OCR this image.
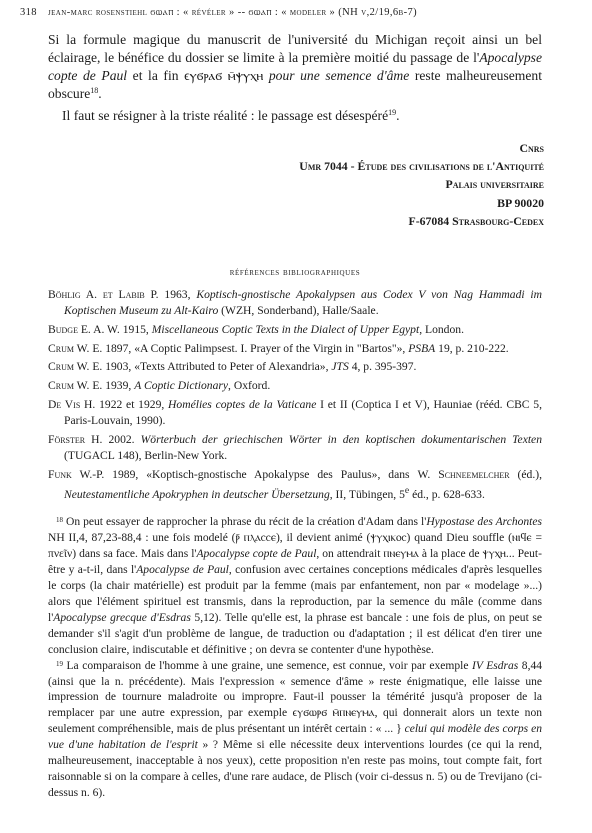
318 jean-marc rosenstiehl ϭⲱⲁⲡ : « révéler » -- ϭⲱⲁⲡ : « modeler » (NH v,2/19,6b-7)

Si la formule magique du manuscrit de l'université du Michigan reçoit ainsi un bel éclairage, le bénéfice du dossier se limite à la première moitié du passage de l'Apocalypse copte de Paul et la fin ϵⲩϭⲣⲁϭ ⲙ̄ⲯⲩⲭⲏ pour une semence d'âme reste malheureusement obscure$^{18}$.

Il faut se résigner à la triste réalité : le passage est désespéré$^{19}$.

Cnrs
Umr 7044 - Étude des civilisations de l'Antiquité
Palais universitaire
BP 90020
F-67084 Strasbourg-Cedex
références bibliographiques
Böhlig A. et Labib P. 1963, Koptisch-gnostische Apokalypsen aus Codex V von Nag Hammadi im Koptischen Museum zu Alt-Kairo (WZH, Sonderband), Halle/Saale.
Budge E. A. W. 1915, Miscellaneous Coptic Texts in the Dialect of Upper Egypt, London.
Crum W. E. 1897, «A Coptic Palimpsest. I. Prayer of the Virgin in "Bartos"», PSBA 19, p. 210-222.
Crum W. E. 1903, «Texts Attributed to Peter of Alexandria», JTS 4, p. 395-397.
Crum W. E. 1939, A Coptic Dictionary, Oxford.
De Vis H. 1922 et 1929, Homélies coptes de la Vaticane I et II (Coptica I et V), Hauniae (rééd. CBC 5, Paris-Louvain, 1990).
Förster H. 2002. Wörterbuch der griechischen Wörter in den koptischen dokumentarischen Texten (TUGACL 148), Berlin-New York.
Funk W.-P. 1989, «Koptisch-gnostische Apokalypse des Paulus», dans W. Schneemelcher (éd.), Neutestamentliche Apokryphen in deutscher Übersetzung, II, Tübingen, 5e éd., p. 628-633.
$^{18}$ On peut essayer de rapprocher la phrase du récit de la création d'Adam dans l'Hypostase des Archontes NH II,4, 87,23-88,4 : une fois modelé (ⲣ̄ ⲡⲗⲁⲥⲥⲉ), il devient animé (ⲯⲩⲭⲓⲕⲟⲥ) quand Dieu souffle (ⲛⲓϥⲉ = πνεῖν) dans sa face. Mais dans l'Apocalypse copte de Paul, on attendrait ⲡⲛⲉⲩⲙⲁ à la place de ⲯⲩⲭⲏ... Peut-être y a-t-il, dans l'Apocalypse de Paul, confusion avec certaines conceptions médicales d'après lesquelles le corps (la chair matérielle) est produit par la femme (mais par enfantement, non par « modelage »...) alors que l'élément spirituel est transmis, dans la reproduction, par la semence du mâle (comme dans l'Apocalypse grecque d'Esdras 5,12). Telle qu'elle est, la phrase est bancale : une fois de plus, on peut se demander s'il s'agit d'un problème de langue, de traduction ou d'adaptation ; il est délicat d'en tirer une conclusion claire, indiscutable et définitive ; on devra se contenter d'une hypothèse.
$^{19}$ La comparaison de l'homme à une graine, une semence, est connue, voir par exemple IV Esdras 8,44 (ainsi que la n. précédente). Mais l'expression « semence d'âme » reste énigmatique, elle laisse une impression de tournure maladroite ou impropre. Faut-il pousser la témérité jusqu'à proposer de la remplacer par une autre expression, par exemple ϵⲩϭⲱⲣϭ ⲙ̄ⲡⲛⲉⲩⲙⲁ, qui donnerait alors un texte non seulement compréhensible, mais de plus présentant un intérêt certain : « ... } celui qui modèle des corps en vue d'une habitation de l'esprit » ? Même si elle nécessite deux interventions lourdes (ce qui la rend, malheureusement, inacceptable à nos yeux), cette proposition n'en reste pas moins, tout compte fait, fort raisonnable si on la compare à celles, d'une rare audace, de Plisch (voir ci-dessus n. 5) ou de Trevijano (ci-dessus n. 6).
